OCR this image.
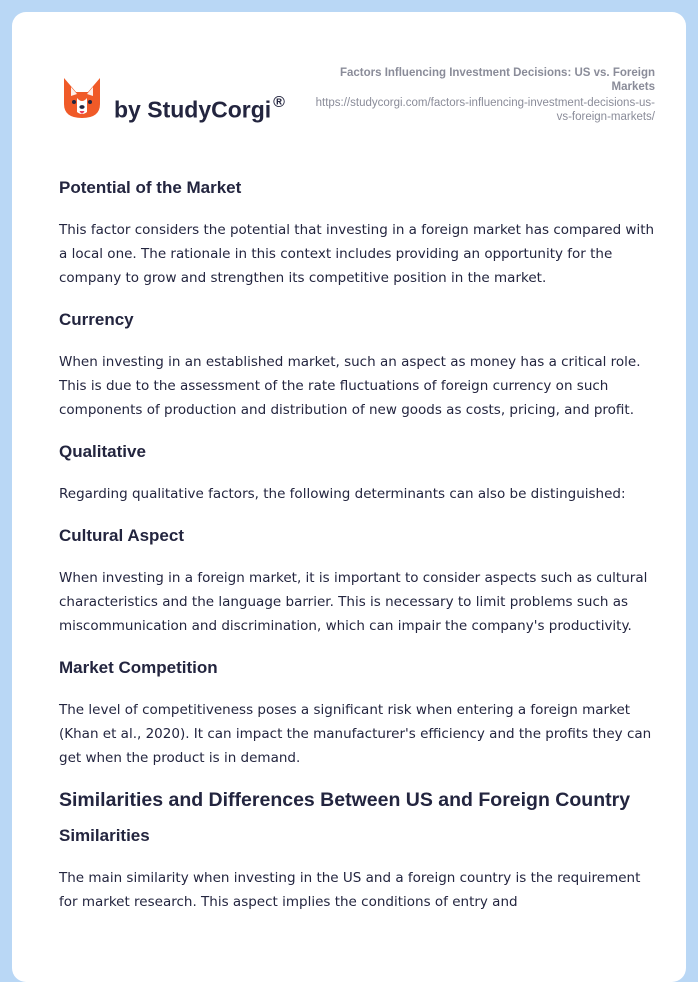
by StudyCorgi ®
Factors Influencing Investment Decisions: US vs. Foreign Markets
https://studycorgi.com/factors-influencing-investment-decisions-us-vs-foreign-markets/
Potential of the Market

This factor considers the potential that investing in a foreign market has compared with a local one. The rationale in this context includes providing an opportunity for the company to grow and strengthen its competitive position in the market.

Currency

When investing in an established market, such an aspect as money has a critical role. This is due to the assessment of the rate fluctuations of foreign currency on such components of production and distribution of new goods as costs, pricing, and profit.

Qualitative

Regarding qualitative factors, the following determinants can also be distinguished:

Cultural Aspect

When investing in a foreign market, it is important to consider aspects such as cultural characteristics and the language barrier. This is necessary to limit problems such as miscommunication and discrimination, which can impair the company's productivity.

Market Competition

The level of competitiveness poses a significant risk when entering a foreign market (Khan et al., 2020). It can impact the manufacturer's efficiency and the profits they can get when the product is in demand.

Similarities and Differences Between US and Foreign Country
Similarities

The main similarity when investing in the US and a foreign country is the requirement for market research. This aspect implies the conditions of entry and
